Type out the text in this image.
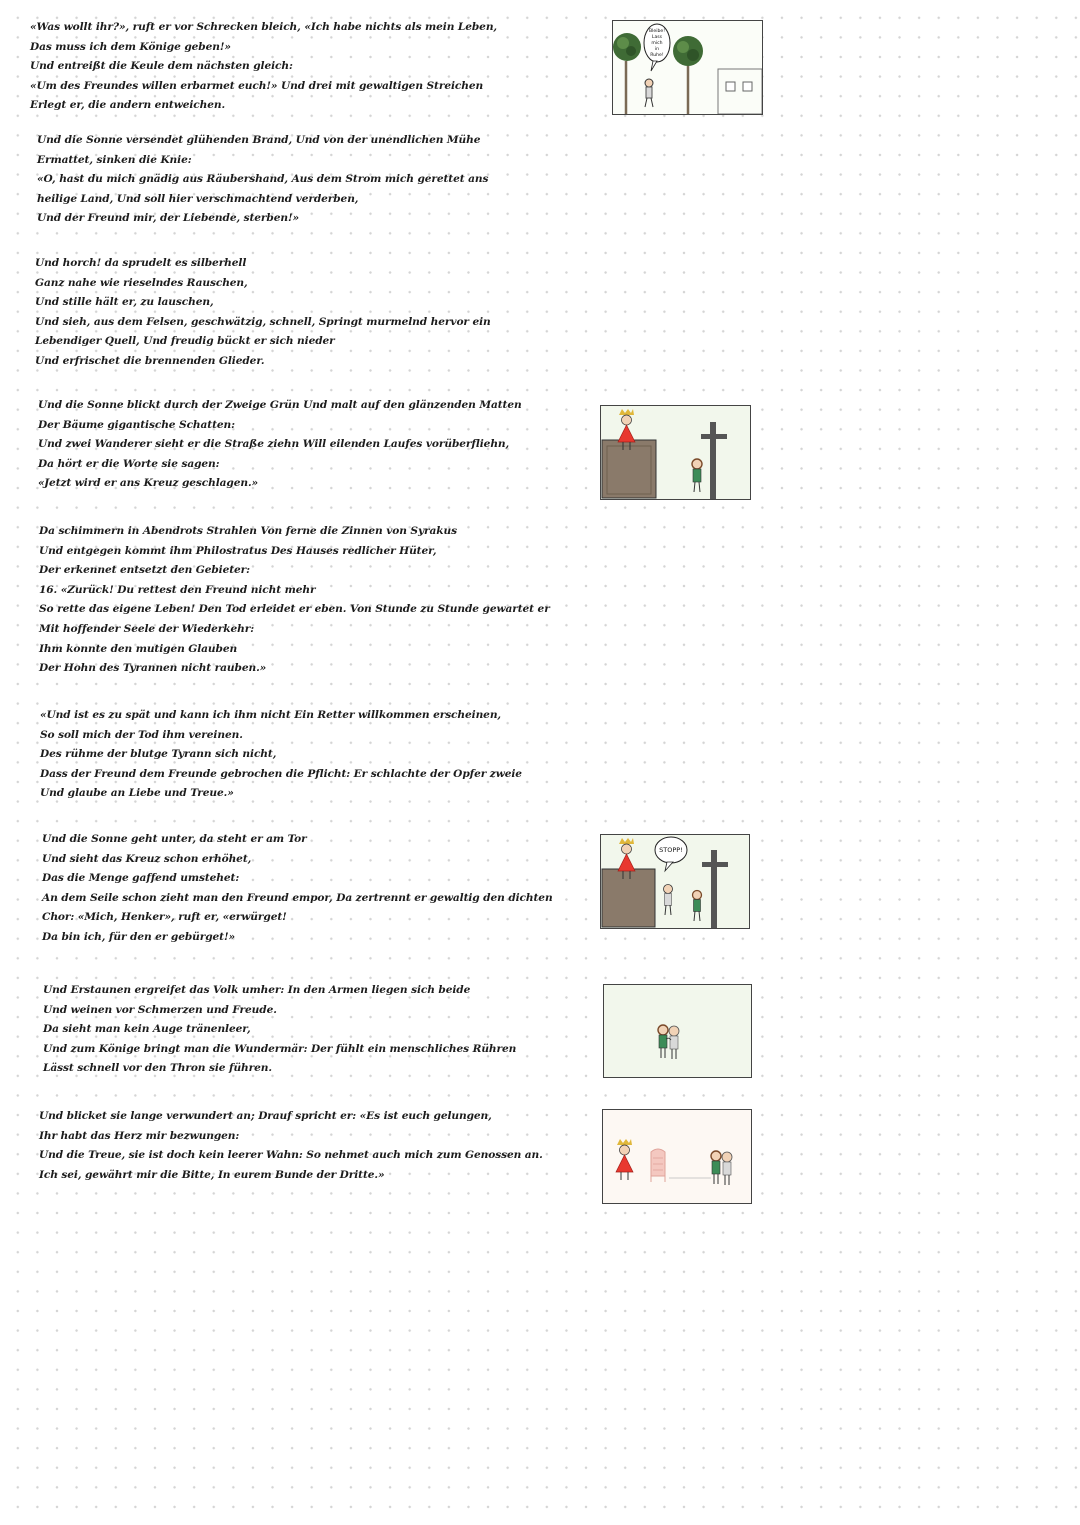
«Was wollt ihr?», ruft er vor Schrecken bleich, «Ich habe nichts als mein Leben,
Das muss ich dem Könige geben!»
Und entreißt die Keule dem nächsten gleich:
«Um des Freundes willen erbarmet euch!» Und drei mit gewaltigen Streichen
Erlegt er, die andern entweichen.
Und die Sonne versendet glühenden Brand, Und von der unendlichen Mühe
Ermattet, sinken die Knie:
«O, hast du mich gnädig aus Räubershand, Aus dem Strom mich gerettet ans
heilige Land, Und soll hier verschmachtend verderben,
Und der Freund mir, der Liebende, sterben!»
Und horch! da sprudelt es silberhell
Ganz nahe wie rieselndes Rauschen,
Und stille hält er, zu lauschen,
Und sieh, aus dem Felsen, geschwätzig, schnell, Springt murmelnd hervor ein
Lebendiger Quell, Und freudig bückt er sich nieder
Und erfrischet die brennenden Glieder.
Und die Sonne blickt durch der Zweige Grün Und malt auf den glänzenden Matten
Der Bäume gigantische Schatten:
Und zwei Wanderer sieht er die Straße ziehn Will eilenden Laufes vorüberfliehn,
Da hört er die Worte sie sagen:
«Jetzt wird er ans Kreuz geschlagen.»
Da schimmern in Abendrots Strahlen Von ferne die Zinnen von Syrakus
Und entgegen kommt ihm Philostratus Des Hauses redlicher Hüter,
Der erkennet entsetzt den Gebieter:
16. «Zurück! Du rettest den Freund nicht mehr
So rette das eigene Leben! Den Tod erleidet er eben. Von Stunde zu Stunde gewartet er
Mit hoffender Seele der Wiederkehr:
Ihm konnte den mutigen Glauben
Der Hohn des Tyrannen nicht rauben.»
«Und ist es zu spät und kann ich ihm nicht Ein Retter willkommen erscheinen,
So soll mich der Tod ihm vereinen.
Des rühme der blutge Tyrann sich nicht,
Dass der Freund dem Freunde gebrochen die Pflicht: Er schlachte der Opfer zweie
Und glaube an Liebe und Treue.»
Und die Sonne geht unter, da steht er am Tor
Und sieht das Kreuz schon erhöhet,
Das die Menge gaffend umstehet:
An dem Seile schon zieht man den Freund empor, Da zertrennt er gewaltig den dichten
Chor: «Mich, Henker», ruft er, «erwürget!
Da bin ich, für den er gebürget!»
Und Erstaunen ergreifet das Volk umher: In den Armen liegen sich beide
Und weinen vor Schmerzen und Freude.
Da sieht man kein Auge tränenleer,
Und zum Könige bringt man die Wundermär: Der fühlt ein menschliches Rühren
Lässt schnell vor den Thron sie führen.
Und blicket sie lange verwundert an; Drauf spricht er: «Es ist euch gelungen,
Ihr habt das Herz mir bezwungen:
Und die Treue, sie ist doch kein leerer Wahn: So nehmet auch mich zum Genossen an.
Ich sei, gewährt mir die Bitte, In eurem Bunde der Dritte.»
Bleibe!
Lass
mich
in
Ruhe!
STOPP!
